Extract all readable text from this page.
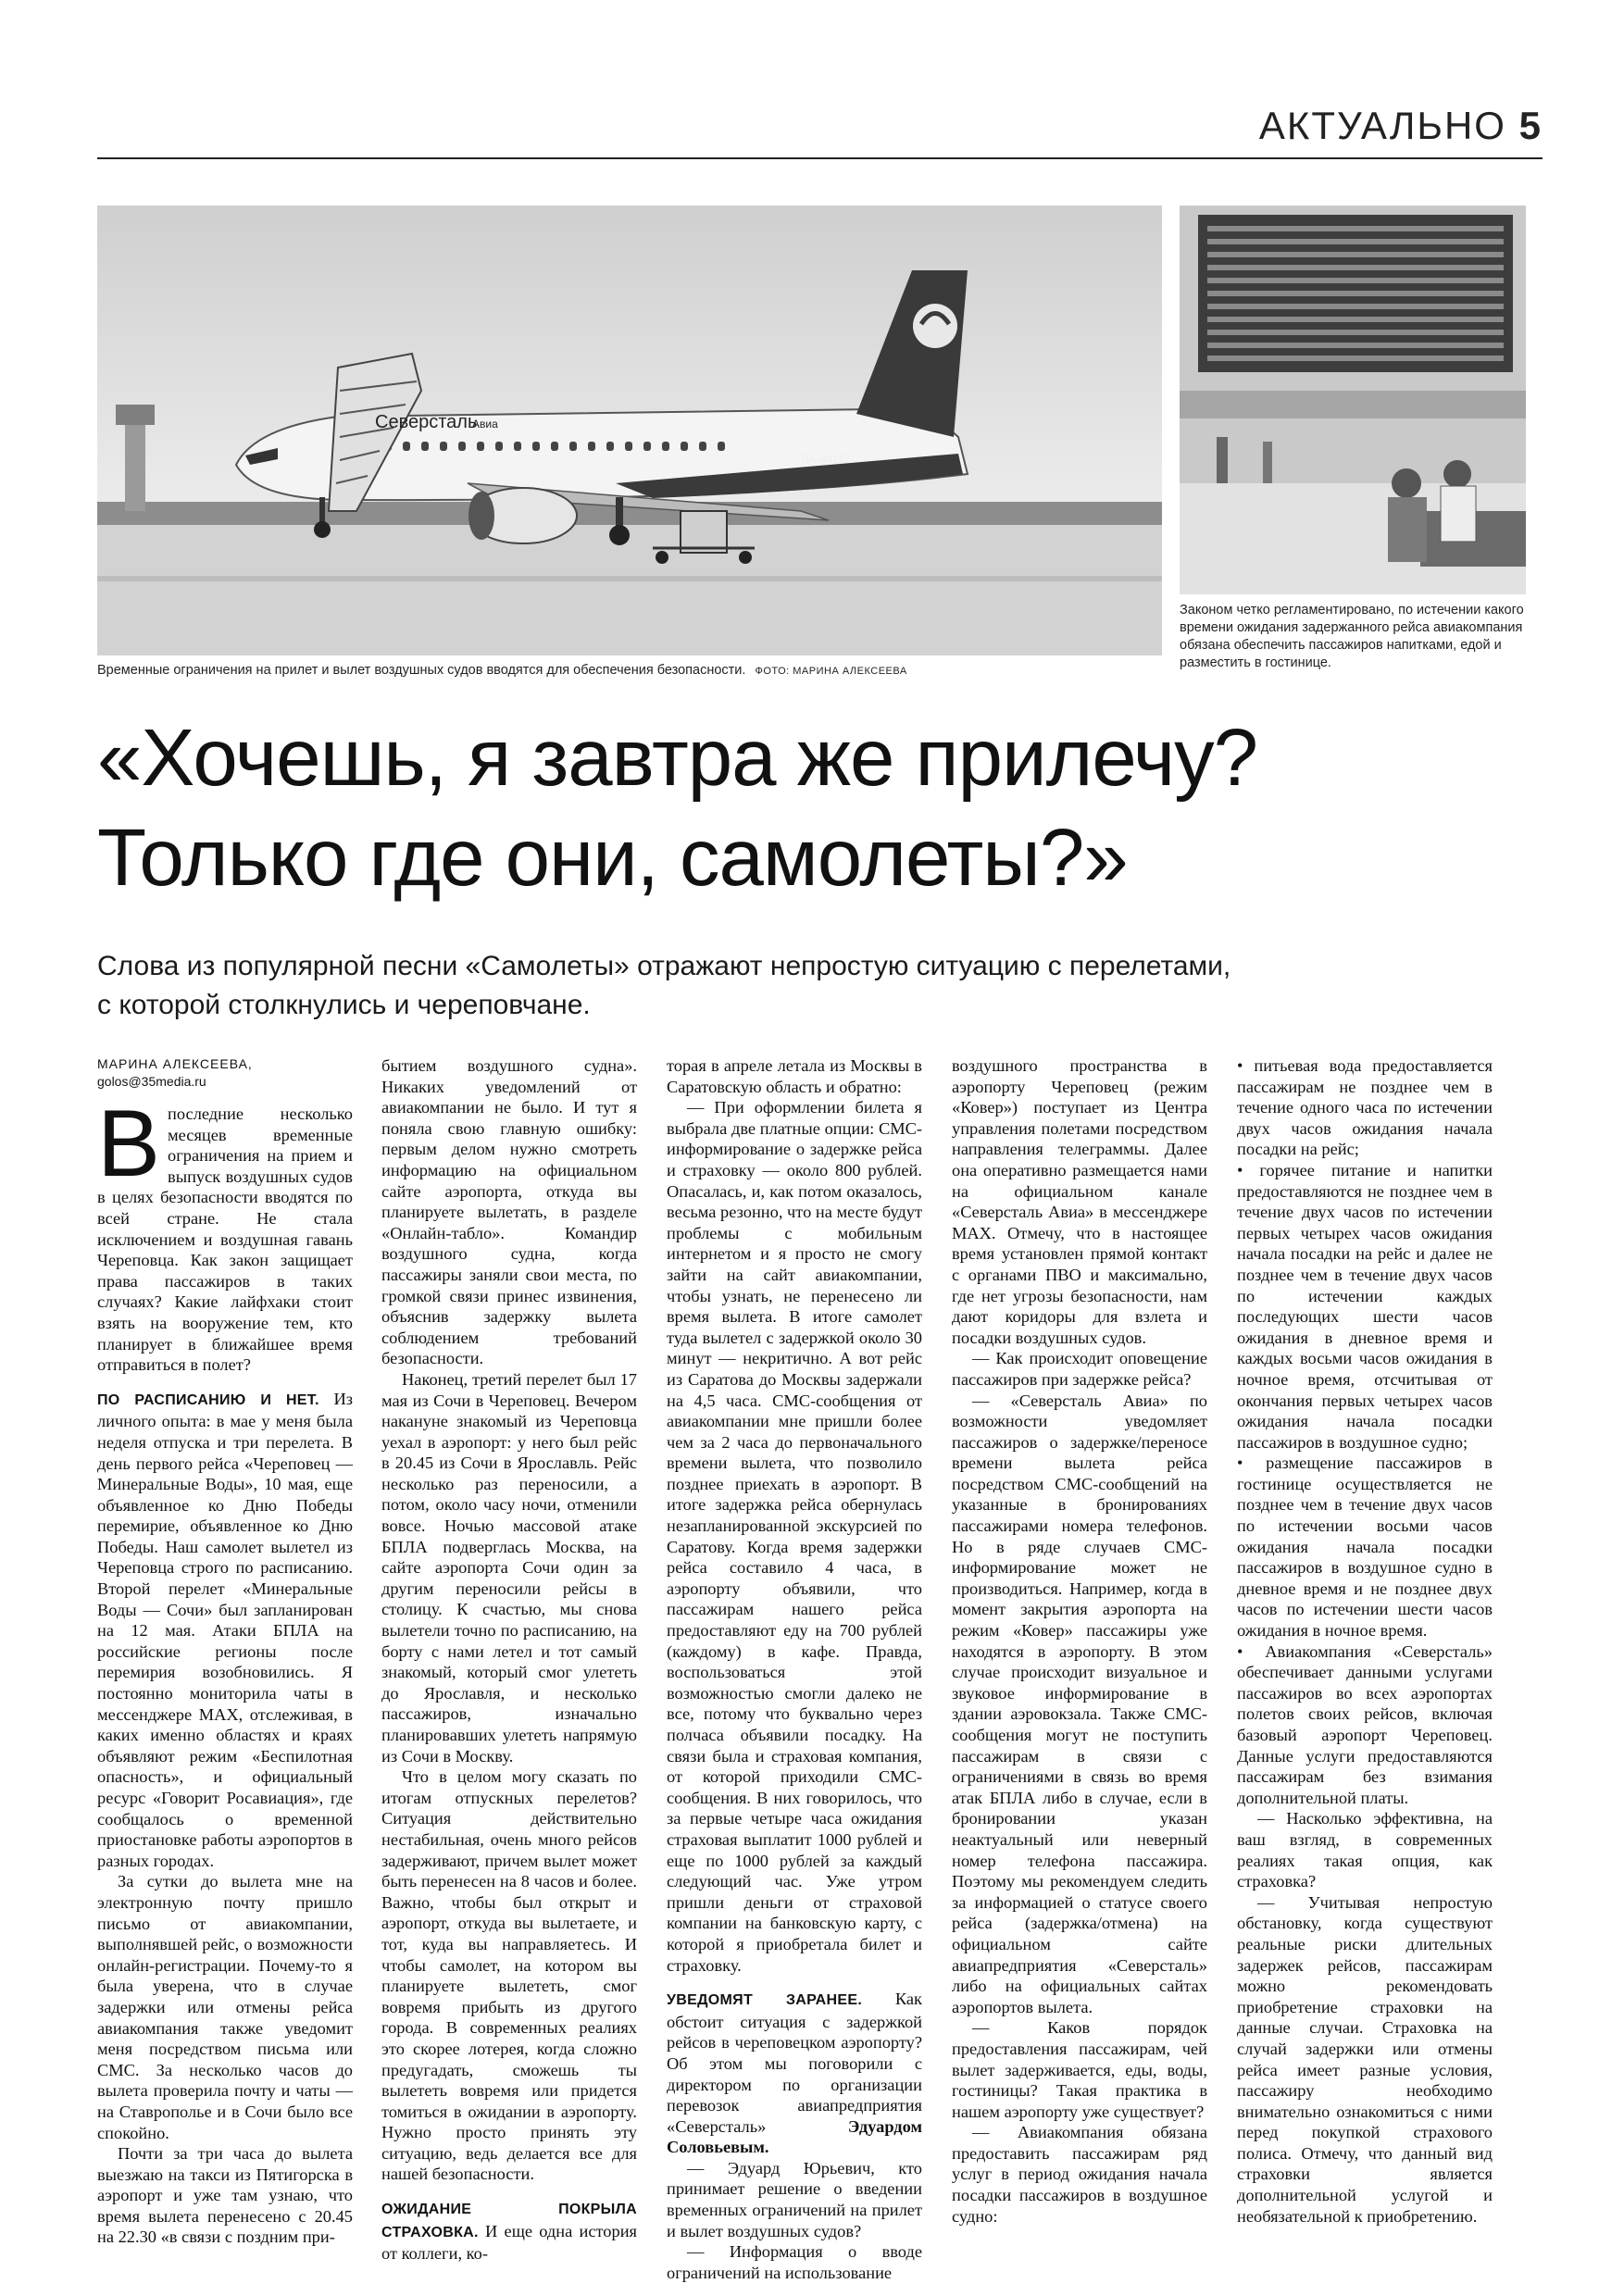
АКТУАЛЬНО 5
Северсталь
Авиа
RA-89117
Временные ограничения на прилет и вылет воздушных судов вводятся для обеспечения безопасности. ФОТО: МАРИНА АЛЕКСЕЕВА
Законом четко регламентировано, по истечении какого времени ожидания задержанного рейса авиакомпания обязана обеспечить пассажиров напитками, едой и разместить в гостинице.
«Хочешь, я завтра же прилечу?
Только где они, самолеты?»

Слова из популярной песни «Самолеты» отражают непростую ситуацию с перелетами,
с которой столкнулись и череповчане.

МАРИНА АЛЕКСЕЕВА,
golos@35media.ru

Впоследние несколько месяцев временные ограничения на прием и выпуск воздушных судов в целях безопасности вводятся по всей стране. Не стала исключением и воздушная гавань Череповца. Как закон защищает права пассажиров в таких случаях? Какие лайфхаки стоит взять на вооружение тем, кто планирует в ближайшее время отправиться в полет?

ПО РАСПИСАНИЮ И НЕТ. Из личного опыта: в мае у меня была неделя отпуска и три перелета. В день первого рейса «Череповец — Минеральные Воды», 10 мая, еще объявленное ко Дню Победы перемирие, объявленное ко Дню Победы. Наш самолет вылетел из Череповца строго по расписанию. Второй перелет «Минеральные Воды — Сочи» был запланирован на 12 мая. Атаки БПЛА на российские регионы после перемирия возобновились. Я постоянно мониторила чаты в мессенджере MAX, отслеживая, в каких именно областях и краях объявляют режим «Беспилотная опасность», и официальный ресурс «Говорит Росавиация», где сообщалось о временной приостановке работы аэропортов в разных городах.

За сутки до вылета мне на электронную почту пришло письмо от авиакомпании, выполнявшей рейс, о возможности онлайн-регистрации. Почему-то я была уверена, что в случае задержки или отмены рейса авиакомпания также уведомит меня посредством письма или СМС. За несколько часов до вылета проверила почту и чаты — на Ставрополье и в Сочи было все спокойно.

Почти за три часа до вылета выезжаю на такси из Пятигорска в аэропорт и уже там узнаю, что время вылета перенесено с 20.45 на 22.30 «в связи с поздним при-

бытием воздушного судна». Никаких уведомлений от авиакомпании не было. И тут я поняла свою главную ошибку: первым делом нужно смотреть информацию на официальном сайте аэропорта, откуда вы планируете вылетать, в разделе «Онлайн-табло». Командир воздушного судна, когда пассажиры заняли свои места, по громкой связи принес извинения, объяснив задержку вылета соблюдением требований безопасности.

Наконец, третий перелет был 17 мая из Сочи в Череповец. Вечером накануне знакомый из Череповца уехал в аэропорт: у него был рейс в 20.45 из Сочи в Ярославль. Рейс несколько раз переносили, а потом, около часу ночи, отменили вовсе. Ночью массовой атаке БПЛА подверглась Москва, на сайте аэропорта Сочи один за другим переносили рейсы в столицу. К счастью, мы снова вылетели точно по расписанию, на борту с нами летел и тот самый знакомый, который смог улететь до Ярославля, и несколько пассажиров, изначально планировавших улететь напрямую из Сочи в Москву.

Что в целом могу сказать по итогам отпускных перелетов? Ситуация действительно нестабильная, очень много рейсов задерживают, причем вылет может быть перенесен на 8 часов и более. Важно, чтобы был открыт и аэропорт, откуда вы вылетаете, и тот, куда вы направляетесь. И чтобы самолет, на котором вы планируете вылететь, смог вовремя прибыть из другого города. В современных реалиях это скорее лотерея, когда сложно предугадать, сможешь ты вылететь вовремя или придется томиться в ожидании в аэропорту. Нужно просто принять эту ситуацию, ведь делается все для нашей безопасности.

ОЖИДАНИЕ ПОКРЫЛА СТРАХОВКА. И еще одна история от коллеги, ко-

торая в апреле летала из Москвы в Саратовскую область и обратно:

— При оформлении билета я выбрала две платные опции: СМС-информирование о задержке рейса и страховку — около 800 рублей. Опасалась, и, как потом оказалось, весьма резонно, что на месте будут проблемы с мобильным интернетом и я просто не смогу зайти на сайт авиакомпании, чтобы узнать, не перенесено ли время вылета. В итоге самолет туда вылетел с задержкой около 30 минут — некритично. А вот рейс из Саратова до Москвы задержали на 4,5 часа. СМС-сообщения от авиакомпании мне пришли более чем за 2 часа до первоначального времени вылета, что позволило позднее приехать в аэропорт. В итоге задержка рейса обернулась незапланированной экскурсией по Саратову. Когда время задержки рейса составило 4 часа, в аэропорту объявили, что пассажирам нашего рейса предоставляют еду на 700 рублей (каждому) в кафе. Правда, воспользоваться этой возможностью смогли далеко не все, потому что буквально через полчаса объявили посадку. На связи была и страховая компания, от которой приходили СМС-сообщения. В них говорилось, что за первые четыре часа ожидания страховая выплатит 1000 рублей и еще по 1000 рублей за каждый следующий час. Уже утром пришли деньги от страховой компании на банковскую карту, с которой я приобретала билет и страховку.

УВЕДОМЯТ ЗАРАНЕЕ. Как обстоит ситуация с задержкой рейсов в череповецком аэропорту? Об этом мы поговорили с директором по организации перевозок авиапредприятия «Северсталь»	Эдуардом Соловьевым.

— Эдуард Юрьевич, кто принимает решение о введении временных ограничений на прилет и вылет воздушных судов?

— Информация о вводе ограничений на использование

воздушного пространства в аэропорту Череповец (режим «Ковер») поступает из Центра управления полетами посредством направления телеграммы. Далее она оперативно размещается нами на официальном канале «Северсталь Авиа» в мессенджере MAX. Отмечу, что в настоящее время установлен прямой контакт с органами ПВО и максимально, где нет угрозы безопасности, нам дают коридоры для взлета и посадки воздушных судов.

— Как происходит оповещение пассажиров при задержке рейса?

— «Северсталь Авиа» по возможности уведомляет пассажиров о задержке/переносе времени вылета рейса посредством СМС-сообщений на указанные в бронированиях пассажирами номера телефонов. Но в ряде случаев СМС-информирование может не производиться. Например, когда в момент закрытия аэропорта на режим «Ковер» пассажиры уже находятся в аэропорту. В этом случае происходит визуальное и звуковое информирование в здании аэровокзала. Также СМС-сообщения могут не поступить пассажирам в связи с ограничениями в связь во время атак БПЛА либо в случае, если в бронировании указан неактуальный или неверный номер телефона пассажира. Поэтому мы рекомендуем следить за информацией о статусе своего рейса (задержка/отмена) на официальном сайте авиапредприятия «Северсталь» либо на официальных сайтах аэропортов вылета.

— Каков порядок предоставления пассажирам, чей вылет задерживается, еды, воды, гостиницы? Такая практика в нашем аэропорту уже существует?

— Авиакомпания обязана предоставить пассажирам ряд услуг в период ожидания начала посадки пассажиров в воздушное судно:

• питьевая вода предоставляется пассажирам не позднее чем в течение одного часа по истечении двух часов ожидания начала посадки на рейс;

• горячее питание и напитки предоставляются не позднее чем в течение двух часов по истечении первых четырех часов ожидания начала посадки на рейс и далее не позднее чем в течение двух часов по истечении каждых последующих шести часов ожидания в дневное время и каждых восьми часов ожидания в ночное время, отсчитывая от окончания первых четырех часов ожидания начала посадки пассажиров в воздушное судно;

• размещение пассажиров в гостинице осуществляется не позднее чем в течение двух часов по истечении восьми часов ожидания начала посадки пассажиров в воздушное судно в дневное время и не позднее двух часов по истечении шести часов ожидания в ночное время.

• Авиакомпания «Северсталь» обеспечивает данными услугами пассажиров во всех аэропортах полетов своих рейсов, включая базовый аэропорт Череповец. Данные услуги предоставляются пассажирам без взимания дополнительной платы.

— Насколько эффективна, на ваш взгляд, в современных реалиях такая опция, как страховка?

— Учитывая непростую обстановку, когда существуют реальные риски длительных задержек рейсов, пассажирам можно рекомендовать приобретение страховки на данные случаи. Страховка на случай задержки или отмены рейса имеет разные условия, пассажиру необходимо внимательно ознакомиться с ними перед покупкой страхового полиса. Отмечу, что данный вид страховки является дополнительной услугой и необязательной к приобретению.
